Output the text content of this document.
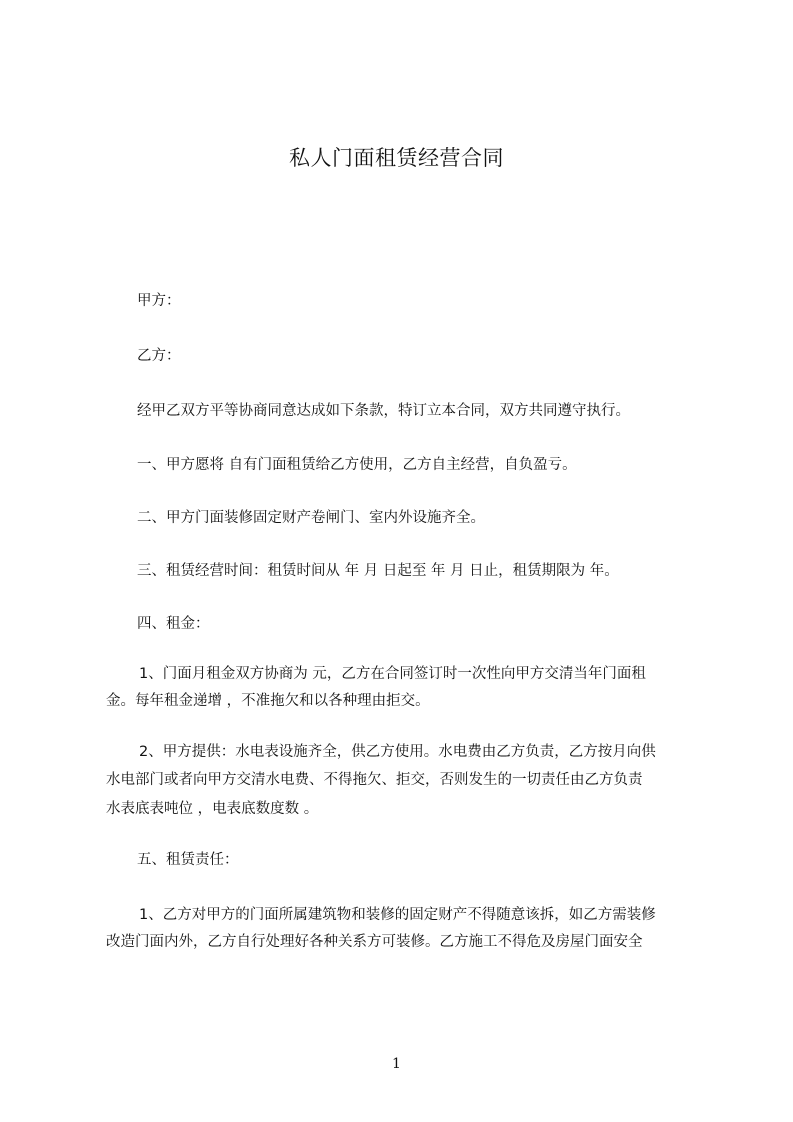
私人门面租赁经营合同
甲方：
乙方：
经甲乙双方平等协商同意达成如下条款，特订立本合同，双方共同遵守执行。
一、甲方愿将 自有门面租赁给乙方使用，乙方自主经营，自负盈亏。
二、甲方门面装修固定财产卷闸门、室内外设施齐全。
三、租赁经营时间：租赁时间从 年 月 日起至 年 月 日止，租赁期限为 年。
四、租金：
1、门面月租金双方协商为 元，乙方在合同签订时一次性向甲方交清当年门面租
金。每年租金递增 ，不准拖欠和以各种理由拒交。
2、甲方提供：水电表设施齐全，供乙方使用。水电费由乙方负责，乙方按月向供
水电部门或者向甲方交清水电费、不得拖欠、拒交，否则发生的一切责任由乙方负责
水表底表吨位 ，电表底数度数 。
五、租赁责任：
1、乙方对甲方的门面所属建筑物和装修的固定财产不得随意该拆，如乙方需装修
改造门面内外，乙方自行处理好各种关系方可装修。乙方施工不得危及房屋门面安全
1
